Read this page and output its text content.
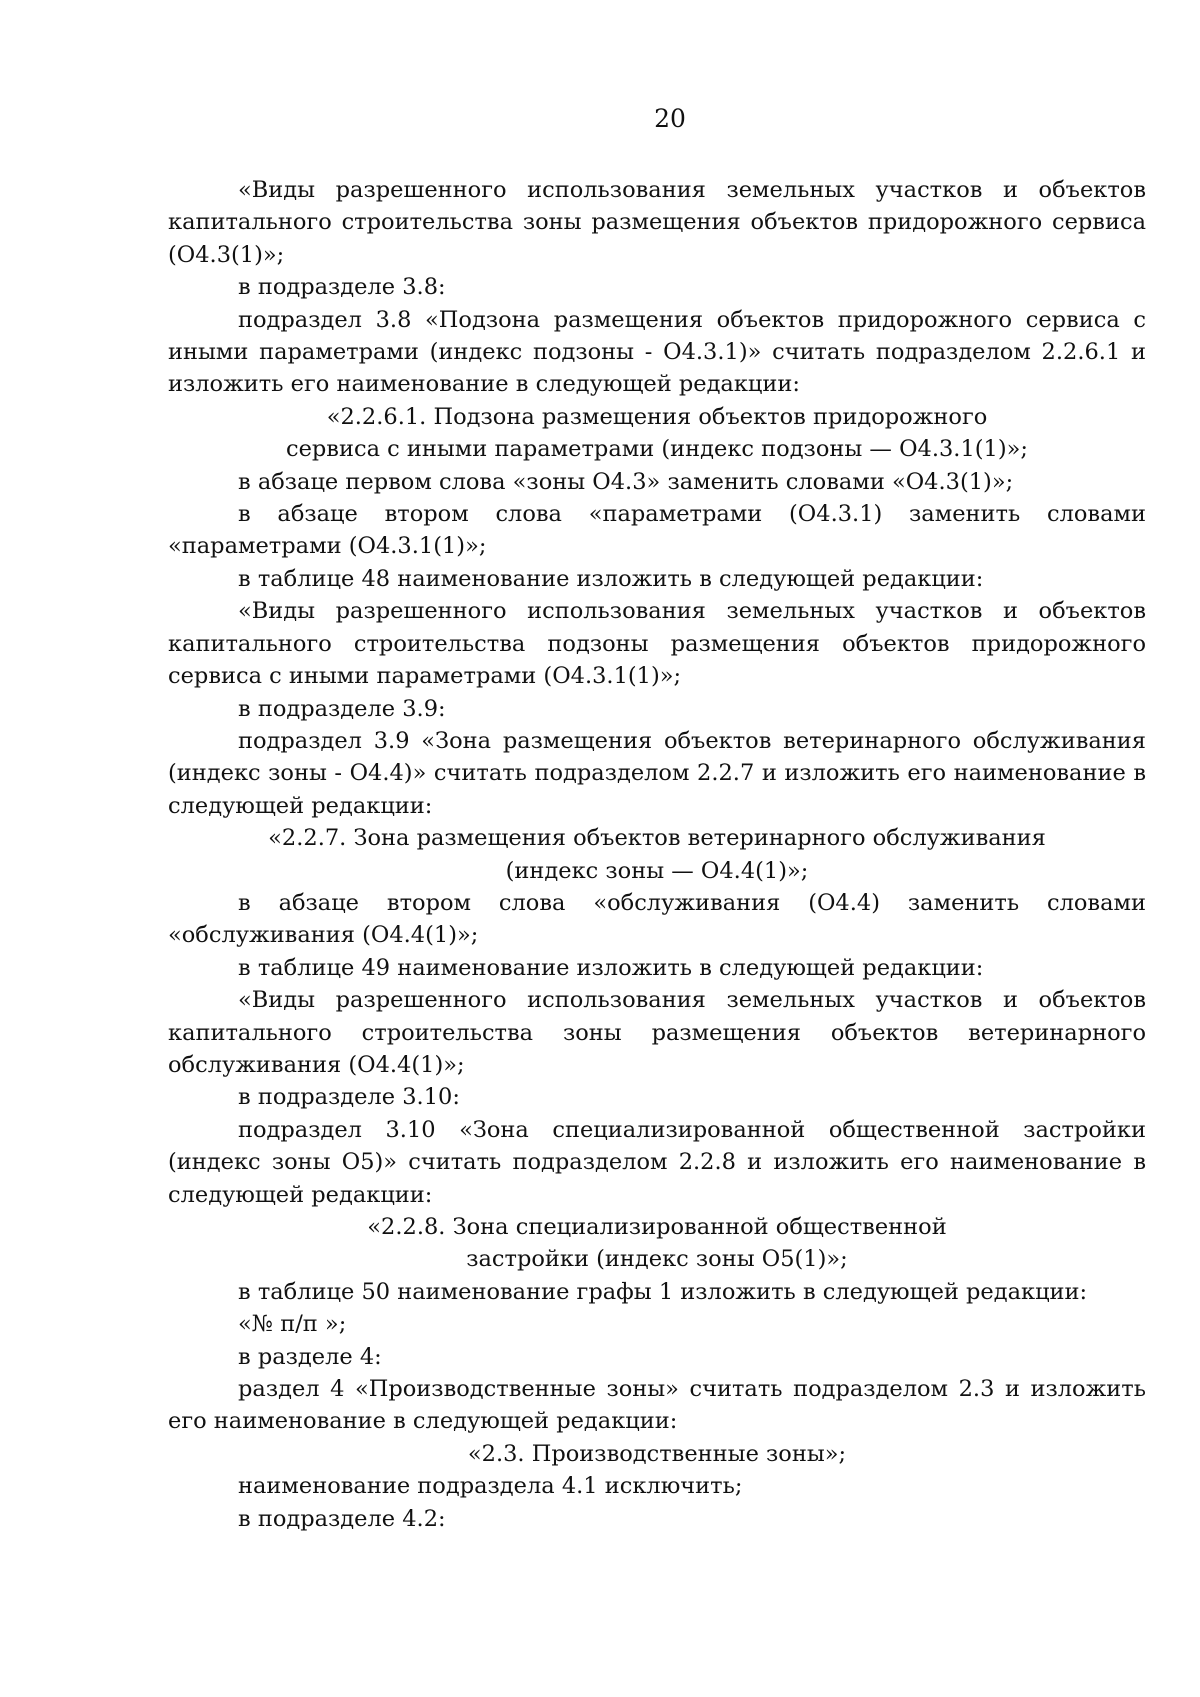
20

«Виды разрешенного использования земельных участков и объектов капитального строительства зоны размещения объектов придорожного сервиса (О4.3(1)»;

в подразделе 3.8:

подраздел 3.8 «Подзона размещения объектов придорожного сервиса с иными параметрами (индекс подзоны - О4.3.1)» считать подразделом 2.2.6.1 и изложить его наименование в следующей редакции:

«2.2.6.1. Подзона размещения объектов придорожного

сервиса с иными параметрами (индекс подзоны — О4.3.1(1)»;

в абзаце первом слова «зоны О4.3» заменить словами «О4.3(1)»;

в абзаце втором слова «параметрами (О4.3.1) заменить словами «параметрами (О4.3.1(1)»;

в таблице 48 наименование изложить в следующей редакции:

«Виды разрешенного использования земельных участков и объектов капитального строительства подзоны размещения объектов придорожного сервиса с иными параметрами (О4.3.1(1)»;

в подразделе 3.9:

подраздел 3.9 «Зона размещения объектов ветеринарного обслуживания (индекс зоны - О4.4)» считать подразделом 2.2.7 и изложить его наименование в следующей редакции:

«2.2.7. Зона размещения объектов ветеринарного обслуживания

(индекс зоны — О4.4(1)»;

в абзаце втором слова «обслуживания (О4.4) заменить словами «обслуживания (О4.4(1)»;

в таблице 49 наименование изложить в следующей редакции:

«Виды разрешенного использования земельных участков и объектов капитального строительства зоны размещения объектов ветеринарного обслуживания (О4.4(1)»;

в подразделе 3.10:

подраздел 3.10 «Зона специализированной общественной застройки (индекс зоны О5)» считать подразделом 2.2.8 и изложить его наименование в следующей редакции:

«2.2.8. Зона специализированной общественной

застройки (индекс зоны О5(1)»;

в таблице 50 наименование графы 1 изложить в следующей редакции:

«№ п/п »;

в разделе 4:

раздел 4 «Производственные зоны» считать подразделом 2.3 и изложить его наименование в следующей редакции:

«2.3. Производственные зоны»;

наименование подраздела 4.1 исключить;

в подразделе 4.2:
